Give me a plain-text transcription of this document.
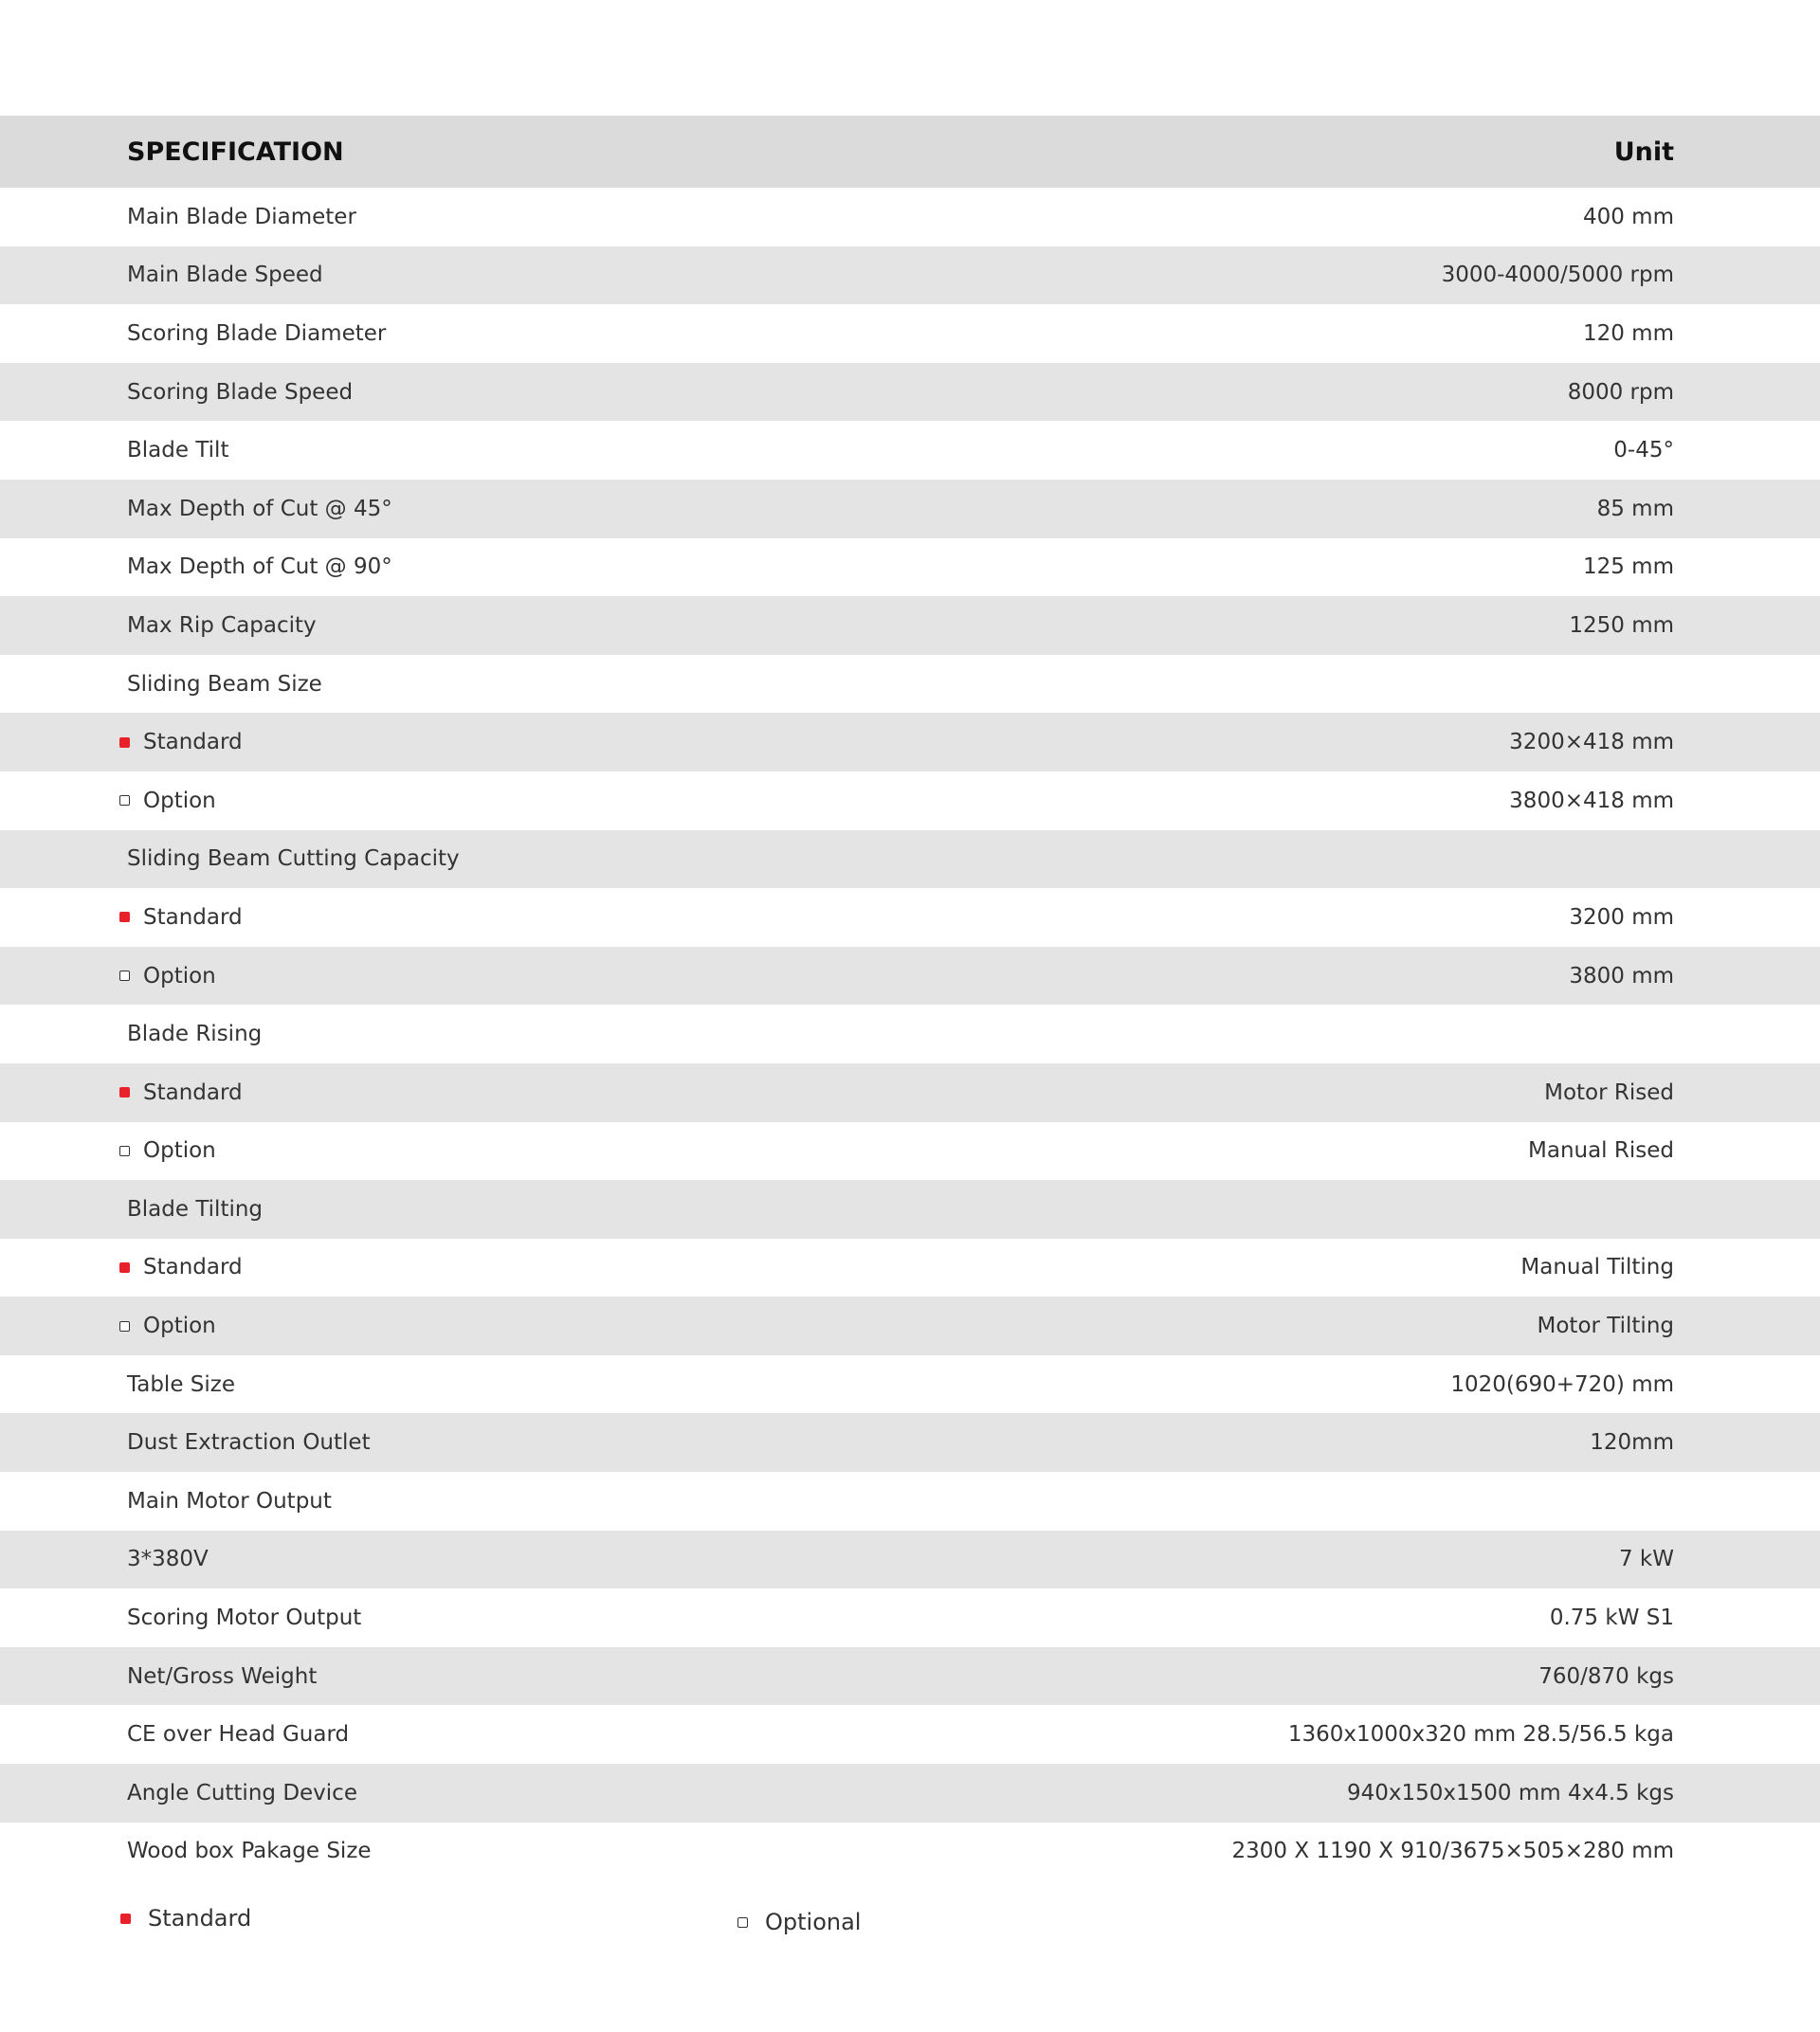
SPECIFICATION	Unit
Main Blade Diameter	400 mm
Main Blade Speed	3000-4000/5000 rpm
Scoring Blade Diameter	120 mm
Scoring Blade Speed	8000 rpm
Blade Tilt	0-45°
Max Depth of Cut @ 45°	85 mm
Max Depth of Cut @ 90°	125 mm
Max Rip Capacity	1250 mm
Sliding Beam Size
Standard	3200×418 mm
Option	3800×418 mm
Sliding Beam Cutting Capacity
Standard	3200 mm
Option	3800 mm
Blade Rising
Standard	Motor Rised
Option	Manual Rised
Blade Tilting
Standard	Manual Tilting
Option	Motor Tilting
Table Size	1020(690+720) mm
Dust Extraction Outlet	120mm
Main Motor Output
3*380V	7 kW
Scoring Motor Output	0.75 kW S1
Net/Gross Weight	760/870 kgs
CE over Head Guard	1360x1000x320 mm 28.5/56.5 kga
Angle Cutting Device	940x150x1500 mm 4x4.5 kgs
Wood box Pakage Size	2300 X 1190 X 910/3675×505×280 mm
Standard	Optional
